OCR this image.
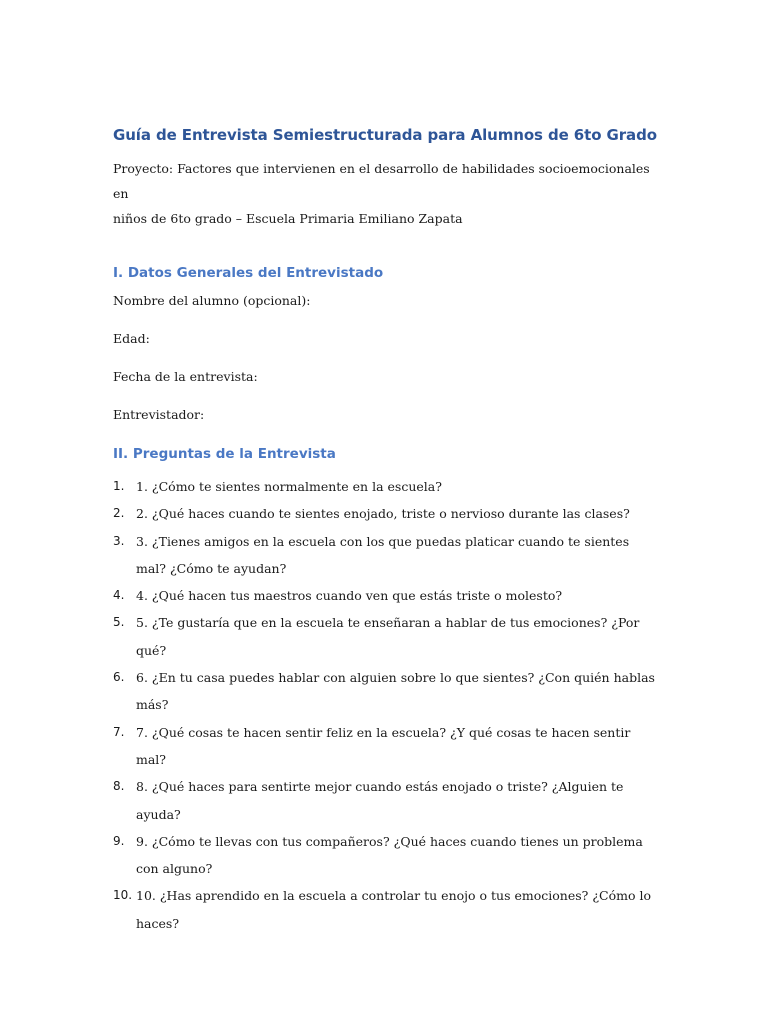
Guía de Entrevista Semiestructurada para Alumnos de 6to Grado

Proyecto: Factores que intervienen en el desarrollo de habilidades socioemocionales en

niños de 6to grado – Escuela Primaria Emiliano Zapata

I. Datos Generales del Entrevistado

Nombre del alumno (opcional):

Edad:

Fecha de la entrevista:

Entrevistador:

II. Preguntas de la Entrevista
1. 1. ¿Cómo te sientes normalmente en la escuela?
2. 2. ¿Qué haces cuando te sientes enojado, triste o nervioso durante las clases?
3. 3. ¿Tienes amigos en la escuela con los que puedas platicar cuando te sientes mal? ¿Cómo te ayudan?
4. 4. ¿Qué hacen tus maestros cuando ven que estás triste o molesto?
5. 5. ¿Te gustaría que en la escuela te enseñaran a hablar de tus emociones? ¿Por qué?
6. 6. ¿En tu casa puedes hablar con alguien sobre lo que sientes? ¿Con quién hablas más?
7. 7. ¿Qué cosas te hacen sentir feliz en la escuela? ¿Y qué cosas te hacen sentir mal?
8. 8. ¿Qué haces para sentirte mejor cuando estás enojado o triste? ¿Alguien te ayuda?
9. 9. ¿Cómo te llevas con tus compañeros? ¿Qué haces cuando tienes un problema con alguno?
10. 10. ¿Has aprendido en la escuela a controlar tu enojo o tus emociones? ¿Cómo lo haces?
